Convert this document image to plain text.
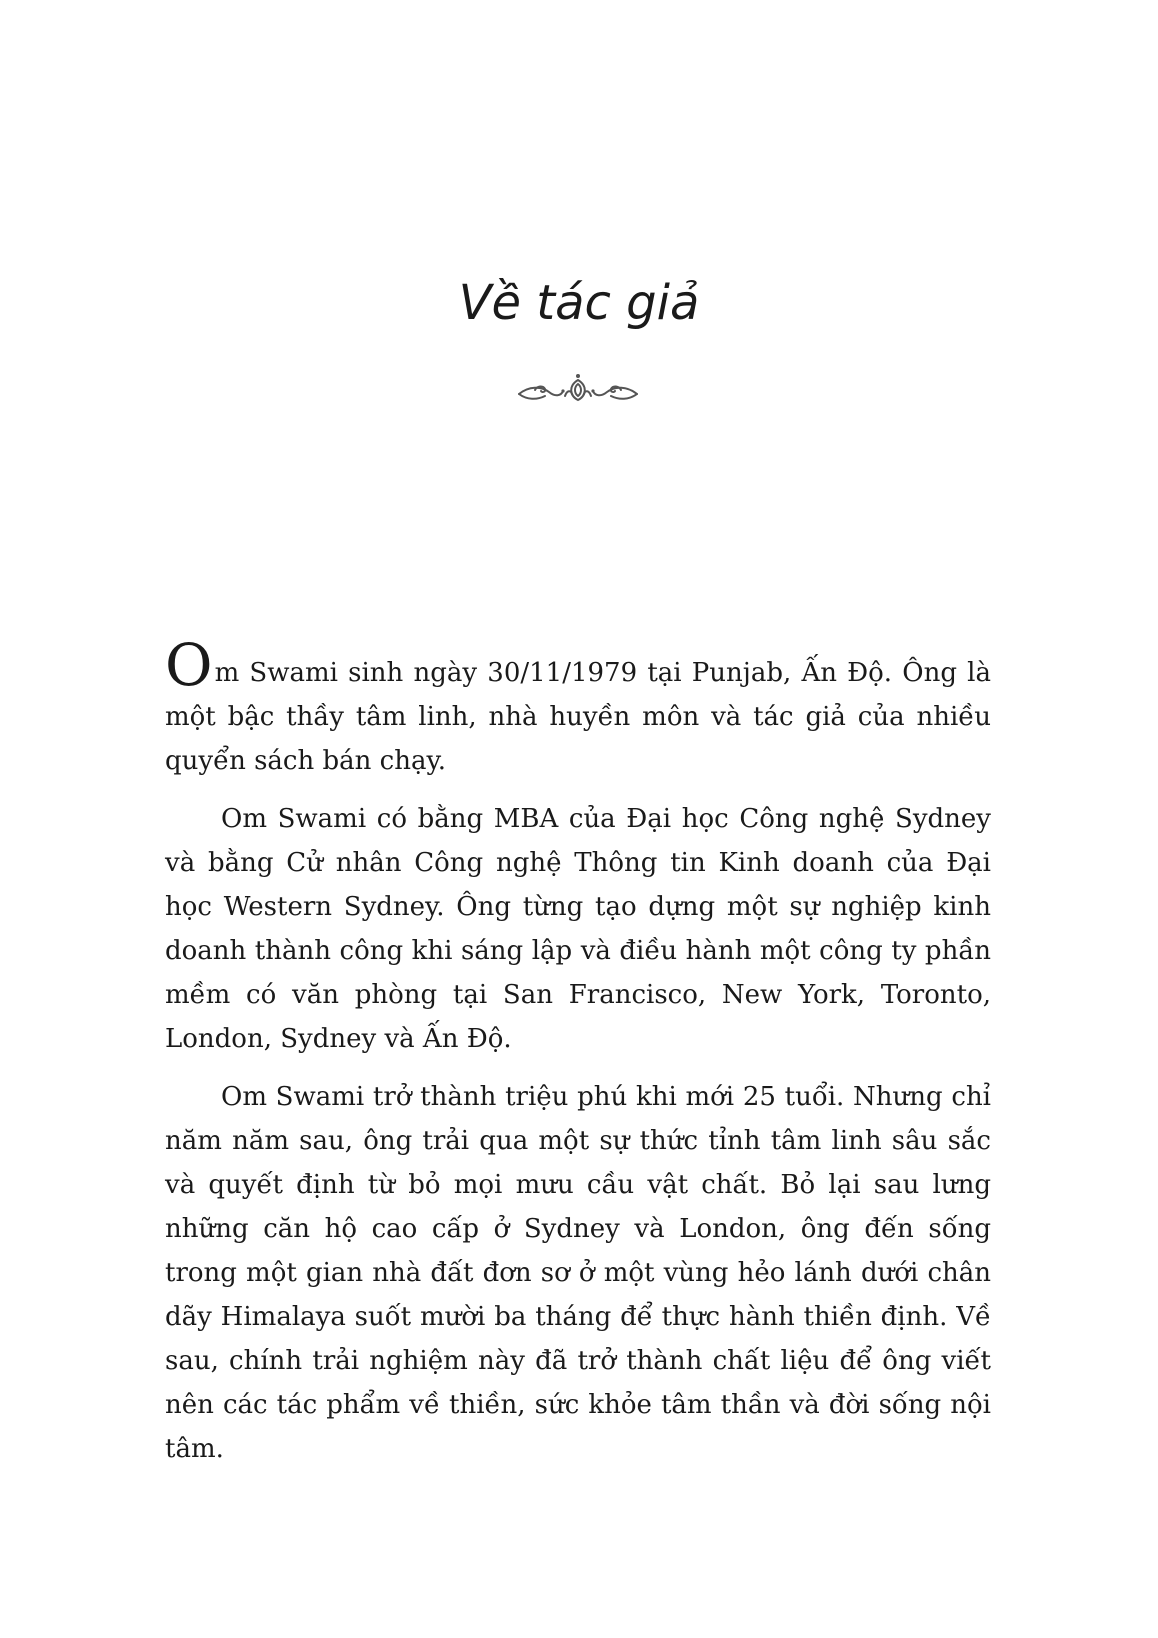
Về tác giả

Om Swami sinh ngày 30/11/1979 tại Punjab, Ấn Độ. Ông là một bậc thầy tâm linh, nhà huyền môn và tác giả của nhiều quyển sách bán chạy.

Om Swami có bằng MBA của Đại học Công nghệ Sydney và bằng Cử nhân Công nghệ Thông tin Kinh doanh của Đại học Western Sydney. Ông từng tạo dựng một sự nghiệp kinh doanh thành công khi sáng lập và điều hành một công ty phần mềm có văn phòng tại San Francisco, New York, Toronto, London, Sydney và Ấn Độ.

Om Swami trở thành triệu phú khi mới 25 tuổi. Nhưng chỉ năm năm sau, ông trải qua một sự thức tỉnh tâm linh sâu sắc và quyết định từ bỏ mọi mưu cầu vật chất. Bỏ lại sau lưng những căn hộ cao cấp ở Sydney và London, ông đến sống trong một gian nhà đất đơn sơ ở một vùng hẻo lánh dưới chân dãy Himalaya suốt mười ba tháng để thực hành thiền định. Về sau, chính trải nghiệm này đã trở thành chất liệu để ông viết nên các tác phẩm về thiền, sức khỏe tâm thần và đời sống nội tâm.
